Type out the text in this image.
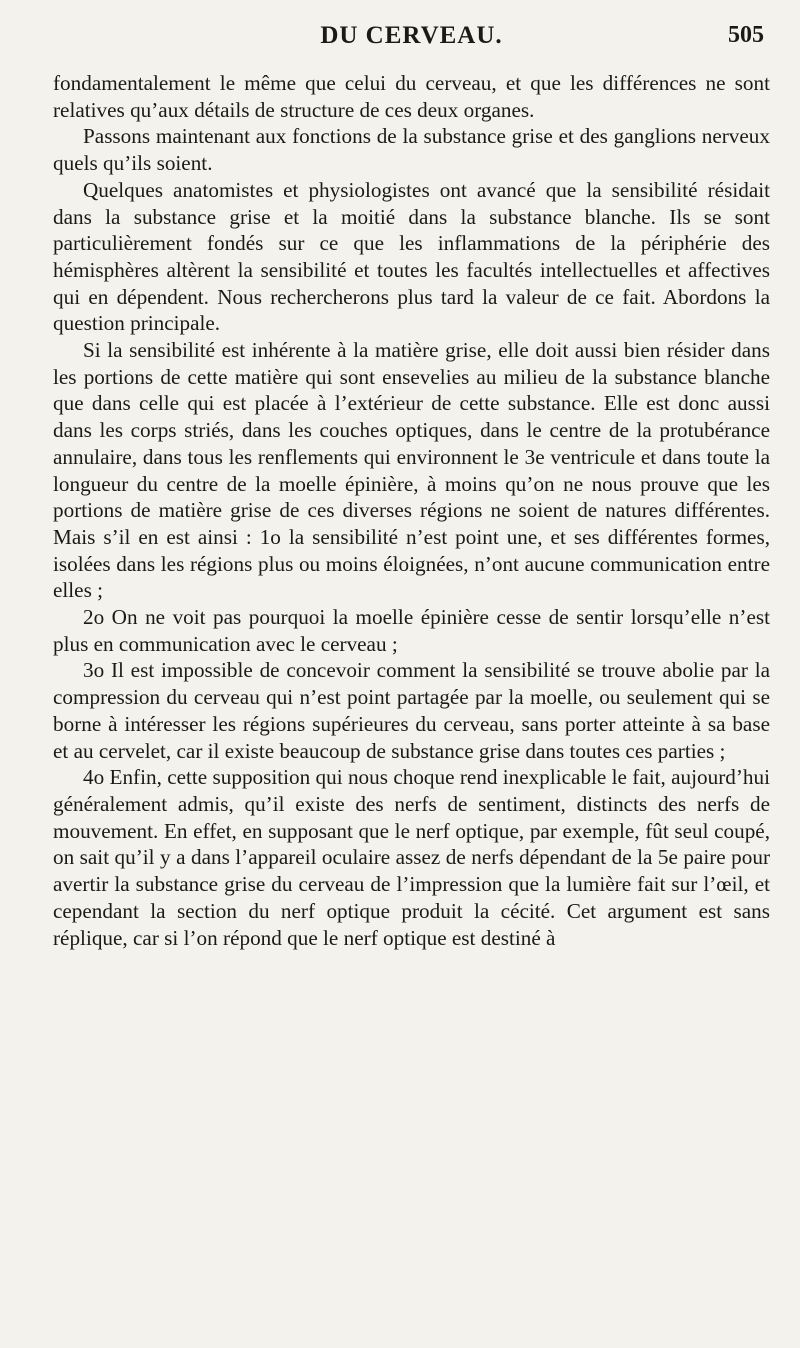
DU CERVEAU.	505

fondamentalement le même que celui du cerveau, et que les différences ne sont relatives qu’aux détails de structure de ces deux organes.

Passons maintenant aux fonctions de la substance grise et des ganglions nerveux quels qu’ils soient.

Quelques anatomistes et physiologistes ont avancé que la sensibilité résidait dans la substance grise et la moitié dans la substance blanche. Ils se sont particulièrement fondés sur ce que les inflammations de la périphérie des hémisphères altèrent la sensibilité et toutes les facultés intellectuelles et affectives qui en dépendent. Nous rechercherons plus tard la valeur de ce fait. Abordons la question principale.

Si la sensibilité est inhérente à la matière grise, elle doit aussi bien résider dans les portions de cette matière qui sont ensevelies au milieu de la substance blanche que dans celle qui est placée à l’extérieur de cette substance. Elle est donc aussi dans les corps striés, dans les couches optiques, dans le centre de la protubérance annulaire, dans tous les renflements qui environnent le 3e ventricule et dans toute la longueur du centre de la moelle épinière, à moins qu’on ne nous prouve que les portions de matière grise de ces diverses régions ne soient de natures différentes. Mais s’il en est ainsi : 1o la sensibilité n’est point une, et ses différentes formes, isolées dans les régions plus ou moins éloignées, n’ont aucune communication entre elles ;

2o On ne voit pas pourquoi la moelle épinière cesse de sentir lorsqu’elle n’est plus en communication avec le cerveau ;

3o Il est impossible de concevoir comment la sensibilité se trouve abolie par la compression du cerveau qui n’est point partagée par la moelle, ou seulement qui se borne à intéresser les régions supérieures du cerveau, sans porter atteinte à sa base et au cervelet, car il existe beaucoup de substance grise dans toutes ces parties ;

4o Enfin, cette supposition qui nous choque rend inexplicable le fait, aujourd’hui généralement admis, qu’il existe des nerfs de sentiment, distincts des nerfs de mouvement. En effet, en supposant que le nerf optique, par exemple, fût seul coupé, on sait qu’il y a dans l’appareil oculaire assez de nerfs dépendant de la 5e paire pour avertir la substance grise du cerveau de l’impression que la lumière fait sur l’œil, et cependant la section du nerf optique produit la cécité. Cet argument est sans réplique, car si l’on répond que le nerf optique est destiné à
